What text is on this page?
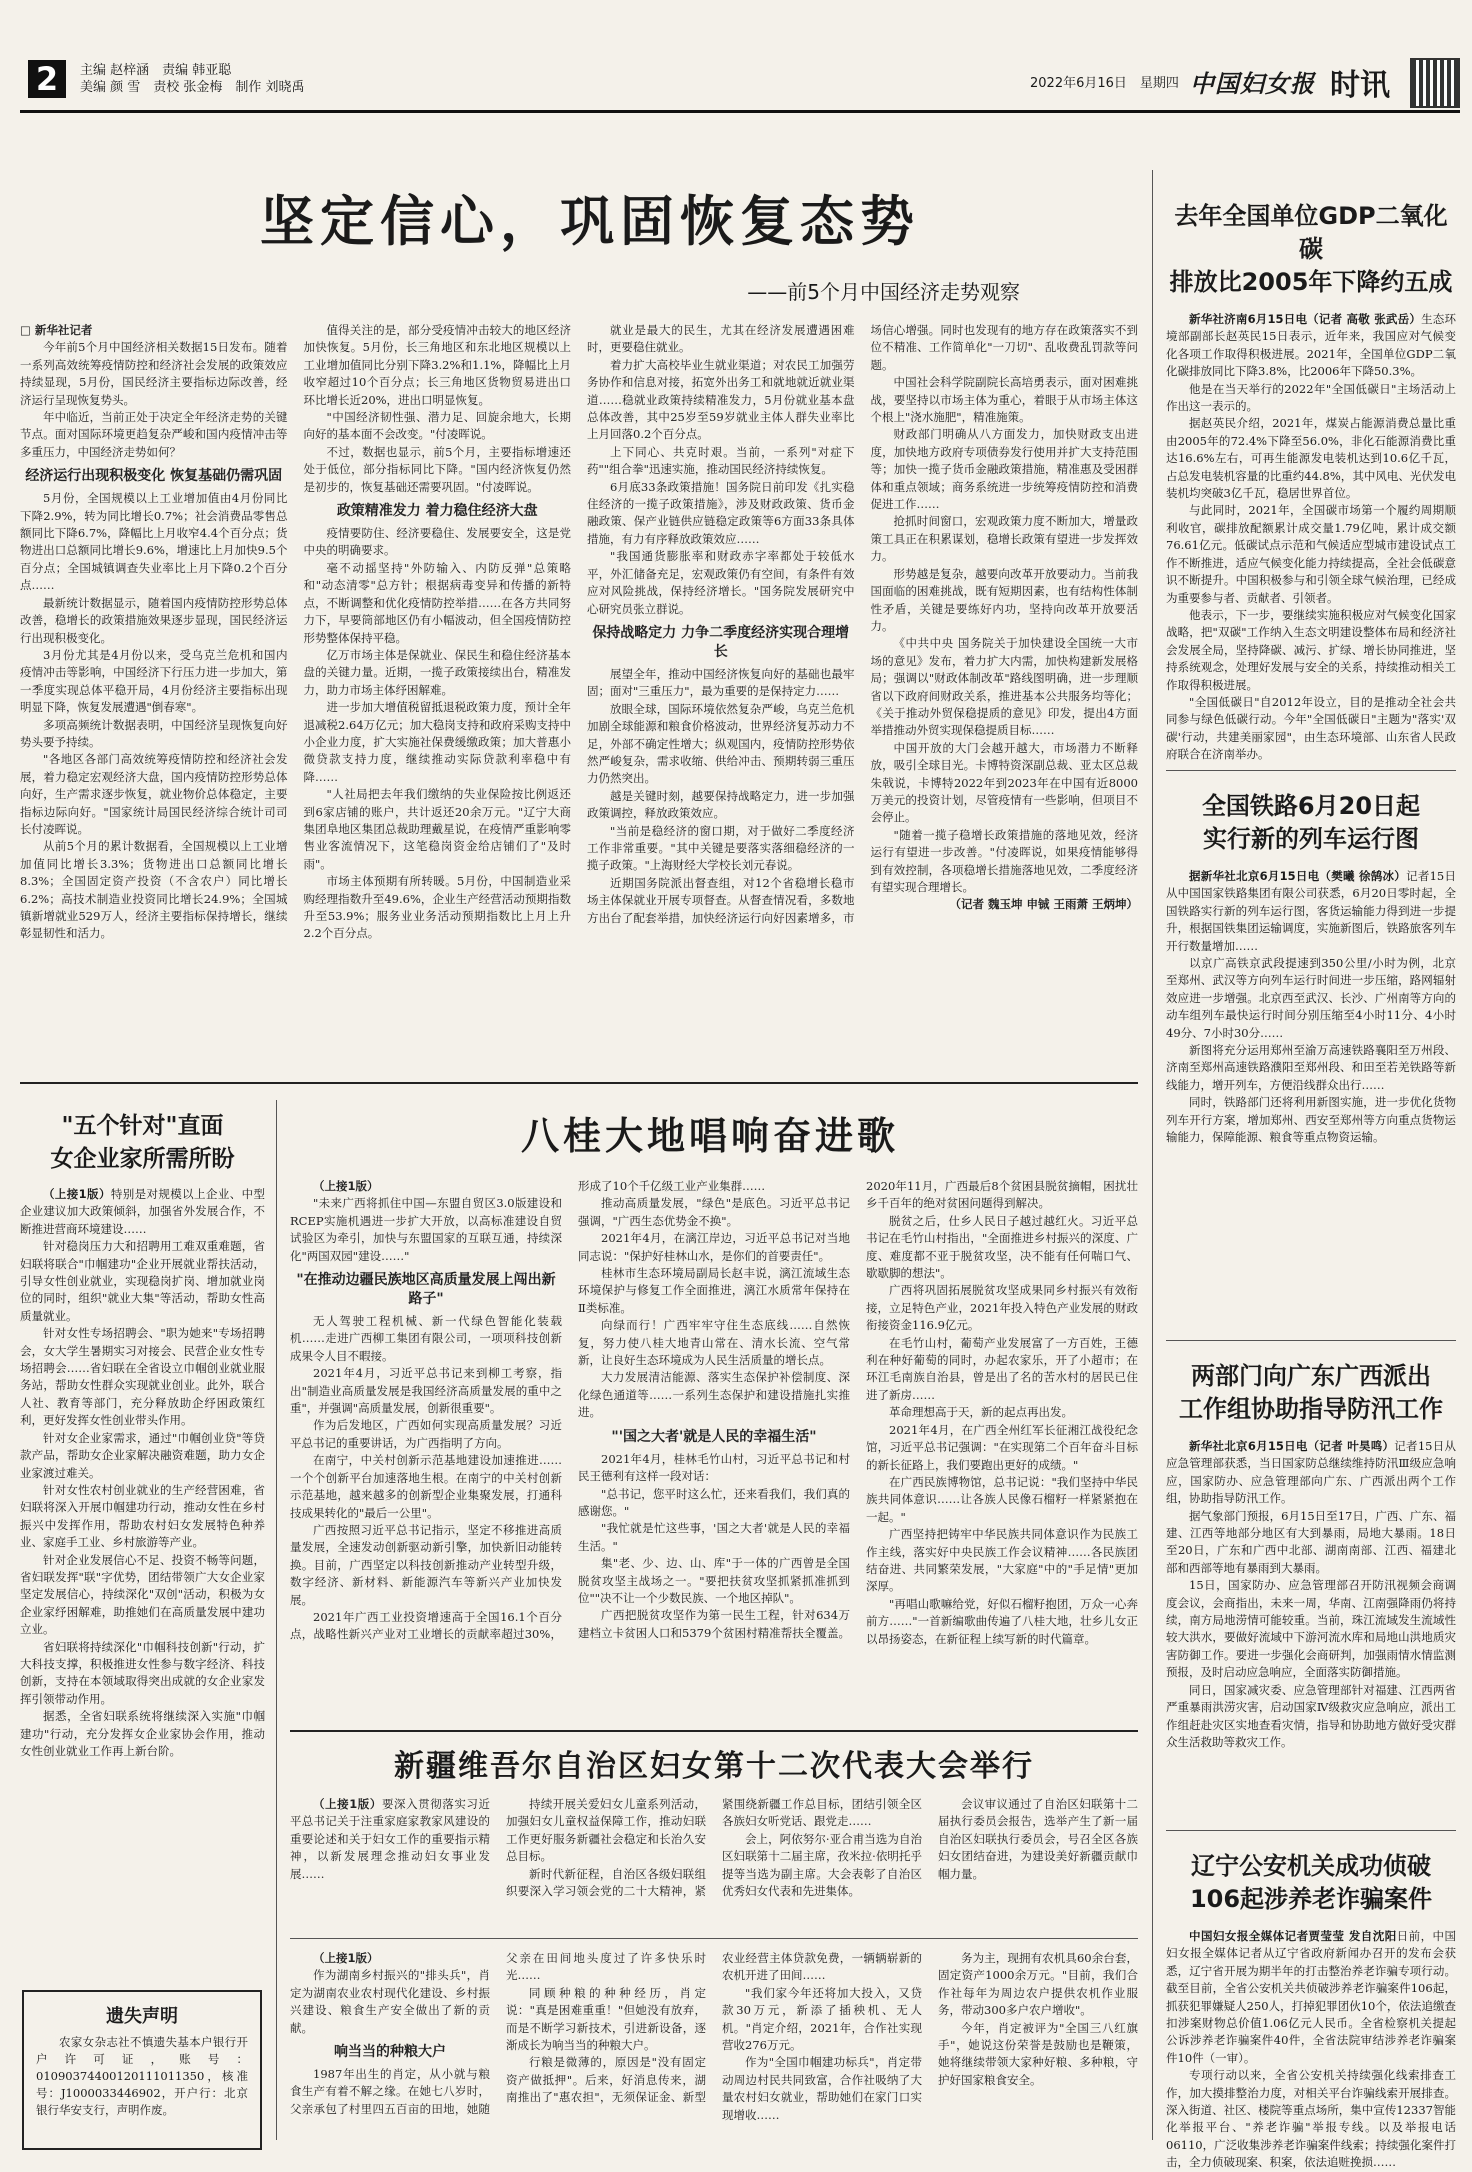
2	主编 赵梓涵　责编 韩亚聪
美编 颜 雪　责校 张金梅　制作 刘晓禹	2022年6月16日　星期四 中国妇女报 时讯
坚定信心，巩固恢复态势
——前5个月中国经济走势观察

□ 新华社记者

今年前5个月中国经济相关数据15日发布。随着一系列高效统筹疫情防控和经济社会发展的政策效应持续显现，5月份，国民经济主要指标边际改善，经济运行呈现恢复势头。

年中临近，当前正处于决定全年经济走势的关键节点。面对国际环境更趋复杂严峻和国内疫情冲击等多重压力，中国经济走势如何？

经济运行出现积极变化 恢复基础仍需巩固

5月份，全国规模以上工业增加值由4月份同比下降2.9%，转为同比增长0.7%；社会消费品零售总额同比下降6.7%，降幅比上月收窄4.4个百分点；货物进出口总额同比增长9.6%，增速比上月加快9.5个百分点；全国城镇调查失业率比上月下降0.2个百分点……

最新统计数据显示，随着国内疫情防控形势总体改善，稳增长的政策措施效果逐步显现，国民经济运行出现积极变化。

3月份尤其是4月份以来，受乌克兰危机和国内疫情冲击等影响，中国经济下行压力进一步加大，第一季度实现总体平稳开局，4月份经济主要指标出现明显下降，恢复发展遭遇"倒春寒"。

多项高频统计数据表明，中国经济呈现恢复向好势头要予持续。

"各地区各部门高效统筹疫情防控和经济社会发展，着力稳定宏观经济大盘，国内疫情防控形势总体向好，生产需求逐步恢复，就业物价总体稳定，主要指标边际向好。"国家统计局国民经济综合统计司司长付凌晖说。

从前5个月的累计数据看，全国规模以上工业增加值同比增长3.3%；货物进出口总额同比增长8.3%；全国固定资产投资（不含农户）同比增长6.2%；高技术制造业投资同比增长24.9%；全国城镇新增就业529万人，经济主要指标保持增长，继续彰显韧性和活力。

值得关注的是，部分受疫情冲击较大的地区经济加快恢复。5月份，长三角地区和东北地区规模以上工业增加值同比分别下降3.2%和1.1%，降幅比上月收窄超过10个百分点；长三角地区货物贸易进出口环比增长近20%，进出口明显恢复。

"中国经济韧性强、潜力足、回旋余地大，长期向好的基本面不会改变。"付凌晖说。

不过，数据也显示，前5个月，主要指标增速还处于低位，部分指标同比下降。"国内经济恢复仍然是初步的，恢复基础还需要巩固。"付凌晖说。

政策精准发力 着力稳住经济大盘

疫情要防住、经济要稳住、发展要安全，这是党中央的明确要求。

毫不动摇坚持"外防输入、内防反弹"总策略和"动态清零"总方针；根据病毒变异和传播的新特点，不断调整和优化疫情防控举措……在各方共同努力下，早要筒部地区仍有小幅波动，但全国疫情防控形势整体保持平稳。

亿万市场主体是保就业、保民生和稳住经济基本盘的关键力量。近期，一揽子政策接续出台，精准发力，助力市场主体纾困解难。

进一步加大增值税留抵退税政策力度，预计全年退减税2.64万亿元；加大稳岗支持和政府采购支持中小企业力度，扩大实施社保费缓缴政策；加大普惠小微贷款支持力度，继续推动实际贷款利率稳中有降……

"人社局把去年我们缴纳的失业保险按比例返还到6家店铺的账户，共计返还20余万元。"辽宁大商集团阜地区集团总裁助理戴星说，在疫情严重影响零售业客流情况下，这笔稳岗资金给店铺们了"及时雨"。

市场主体预期有所转暖。5月份，中国制造业采购经理指数升至49.6%，企业生产经营活动预期指数升至53.9%；服务业业务活动预期指数比上月上升2.2个百分点。

就业是最大的民生，尤其在经济发展遭遇困难时，更要稳住就业。

着力扩大高校毕业生就业渠道；对农民工加强劳务协作和信息对接，拓宽外出务工和就地就近就业渠道……稳就业政策持续精准发力，5月份就业基本盘总体改善，其中25岁至59岁就业主体人群失业率比上月回落0.2个百分点。

上下同心、共克时艰。当前，一系列"对症下药""组合拳"迅速实施，推动国民经济持续恢复。

6月底33条政策措施！国务院日前印发《扎实稳住经济的一揽子政策措施》，涉及财政政策、货币金融政策、保产业链供应链稳定政策等6方面33条具体措施，有力有序释放政策效应……

"我国通货膨胀率和财政赤字率都处于较低水平，外汇储备充足，宏观政策仍有空间，有条件有效应对风险挑战，保持经济增长。"国务院发展研究中心研究员张立群说。

保持战略定力 力争二季度经济实现合理增长

展望全年，推动中国经济恢复向好的基础也最牢固；面对"三重压力"，最为重要的是保持定力……

放眼全球，国际环境依然复杂严峻，乌克兰危机加剧全球能源和粮食价格波动，世界经济复苏动力不足，外部不确定性增大；纵观国内，疫情防控形势依然严峻复杂，需求收缩、供给冲击、预期转弱三重压力仍然突出。

越是关键时刻，越要保持战略定力，进一步加强政策调控，释放政策效应。

"当前是稳经济的窗口期，对于做好二季度经济工作非常重要。"其中关键是要落实落细稳经济的一揽子政策。"上海财经大学校长刘元春说。

近期国务院派出督查组，对12个省稳增长稳市场主体保就业开展专项督查。从督查情况看，多数地方出台了配套举措，加快经济运行向好因素增多，市场信心增强。同时也发现有的地方存在政策落实不到位不精准、工作简单化"一刀切"、乱收费乱罚款等问题。

中国社会科学院副院长高培勇表示，面对困难挑战，要坚持以市场主体为重心，着眼于从市场主体这个根上"浇水施肥"，精准施策。

财政部门明确从八方面发力，加快财政支出进度，加快地方政府专项债券发行使用并扩大支持范围等；加快一揽子货币金融政策措施，精准惠及受困群体和重点领域；商务系统进一步统筹疫情防控和消费促进工作……

抢抓时间窗口，宏观政策力度不断加大，增量政策工具正在积累谋划，稳增长政策有望进一步发挥效力。

形势越是复杂，越要向改革开放要动力。当前我国面临的困难挑战，既有短期因素，也有结构性体制性矛盾，关键是要练好内功，坚持向改革开放要活力。

《中共中央 国务院关于加快建设全国统一大市场的意见》发布，着力扩大内需，加快构建新发展格局；强调以"财政体制改革"路线图明确，进一步理顺省以下政府间财政关系，推进基本公共服务均等化；《关于推动外贸保稳提质的意见》印发，提出4方面举措推动外贸实现保稳提质目标……

中国开放的大门会越开越大，市场潜力不断释放，吸引全球目光。卡博特资深副总裁、亚太区总裁朱戟说，卡博特2022年到2023年在中国有近8000万美元的投资计划，尽管疫情有一些影响，但项目不会停止。

"随着一揽子稳增长政策措施的落地见效，经济运行有望进一步改善。"付凌晖说，如果疫情能够得到有效控制，各项稳增长措施落地见效，二季度经济有望实现合理增长。

（记者 魏玉坤 申铖 王雨萧 王炳坤）

去年全国单位GDP二氧化碳
排放比2005年下降约五成

新华社济南6月15日电（记者 高敬 张武岳）生态环境部副部长赵英民15日表示，近年来，我国应对气候变化各项工作取得积极进展。2021年，全国单位GDP二氧化碳排放同比下降3.8%，比2006年下降50.3%。

他是在当天举行的2022年"全国低碳日"主场活动上作出这一表示的。

据赵英民介绍，2021年，煤炭占能源消费总量比重由2005年的72.4%下降至56.0%，非化石能源消费比重达16.6%左右，可再生能源发电装机达到10.6亿千瓦，占总发电装机容量的比重约44.8%，其中风电、光伏发电装机均突破3亿千瓦，稳居世界首位。

与此同时，2021年，全国碳市场第一个履约周期顺利收官，碳排放配额累计成交量1.79亿吨，累计成交额76.61亿元。低碳试点示范和气候适应型城市建设试点工作不断推进，适应气候变化能力持续提高，全社会低碳意识不断提升。中国积极参与和引领全球气候治理，已经成为重要参与者、贡献者、引领者。

他表示，下一步，要继续实施积极应对气候变化国家战略，把"双碳"工作纳入生态文明建设整体布局和经济社会发展全局，坚持降碳、减污、扩绿、增长协同推进，坚持系统观念，处理好发展与安全的关系，持续推动相关工作取得积极进展。

"全国低碳日"自2012年设立，目的是推动全社会共同参与绿色低碳行动。今年"全国低碳日"主题为"落实'双碳'行动，共建美丽家园"，由生态环境部、山东省人民政府联合在济南举办。

全国铁路6月20日起
实行新的列车运行图

据新华社北京6月15日电（樊曦 徐鹄冰）记者15日从中国国家铁路集团有限公司获悉，6月20日零时起，全国铁路实行新的列车运行图，客货运输能力得到进一步提升，根据国铁集团运输调度，实施新图后，铁路旅客列车开行数量增加……

以京广高铁京武段提速到350公里/小时为例，北京至郑州、武汉等方向列车运行时间进一步压缩，路网辐射效应进一步增强。北京西至武汉、长沙、广州南等方向的动车组列车最快运行时间分别压缩至4小时11分、4小时49分、7小时30分……

新图将充分运用郑州至渝万高速铁路襄阳至万州段、济南至郑州高速铁路濮阳至郑州段、和田至若羌铁路等新线能力，增开列车，方便沿线群众出行……

同时，铁路部门还将利用新图实施，进一步优化货物列车开行方案，增加郑州、西安至郑州等方向重点货物运输能力，保障能源、粮食等重点物资运输。

两部门向广东广西派出
工作组协助指导防汛工作

新华社北京6月15日电（记者 叶昊鸣）记者15日从应急管理部获悉，当日国家防总继续维持防汛Ⅲ级应急响应，国家防办、应急管理部向广东、广西派出两个工作组，协助指导防汛工作。

据气象部门预报，6月15日至17日，广西、广东、福建、江西等地部分地区有大到暴雨，局地大暴雨。18日至20日，广东和广西中北部、湖南南部、江西、福建北部和西部等地有暴雨到大暴雨。

15日，国家防办、应急管理部召开防汛视频会商调度会议，会商指出，未来一周，华南、江南强降雨仍将持续，南方局地涝情可能较重。当前，珠江流域发生流域性较大洪水，要做好流域中下游河流水库和局地山洪地质灾害防御工作。要进一步强化会商研判，加强雨情水情监测预报，及时启动应急响应，全面落实防御措施。

同日，国家减灾委、应急管理部针对福建、江西两省严重暴雨洪涝灾害，启动国家Ⅳ级救灾应急响应，派出工作组赶赴灾区实地查看灾情，指导和协助地方做好受灾群众生活救助等救灾工作。

辽宁公安机关成功侦破
106起涉养老诈骗案件

中国妇女报全媒体记者贾莹莹 发自沈阳日前，中国妇女报全媒体记者从辽宁省政府新闻办召开的发布会获悉，辽宁省开展为期半年的打击整治养老诈骗专项行动。截至目前，全省公安机关共侦破涉养老诈骗案件106起，抓获犯罪嫌疑人250人，打掉犯罪团伙10个，依法追缴查扣涉案财物总价值1.06亿元人民币。全省检察机关提起公诉涉养老诈骗案件40件，全省法院审结涉养老诈骗案件10件（一审）。

专项行动以来，全省公安机关持续强化线索排查工作，加大摸排整治力度，对相关平台诈骗线索开展排查。深入街道、社区、楼院等重点场所，集中宣传12337智能化举报平台、"养老诈骗"举报专线。以及举报电话06110，广泛收集涉养老诈骗案件线索；持续强化案件打击，全力侦破现案、积案，依法追赃挽损……

"五个针对"直面
女企业家所需所盼

（上接1版）特别是对规模以上企业、中型企业建议加大政策倾斜，加强省外发展合作，不断推进营商环境建设……

针对稳岗压力大和招聘用工难双重难题，省妇联将联合"巾帼建功"企业开展就业帮扶活动，引导女性创业就业，实现稳岗扩岗、增加就业岗位的同时，组织"就业大集"等活动，帮助女性高质量就业。

针对女性专场招聘会、"职为她来"专场招聘会，女大学生暑期实习对接会、民营企业女性专场招聘会……省妇联在全省设立巾帼创业就业服务站，帮助女性群众实现就业创业。此外，联合人社、教育等部门，充分释放助企纾困政策红利，更好发挥女性创业带头作用。

针对女企业家需求，通过"巾帼创业贷"等贷款产品，帮助女企业家解决融资难题，助力女企业家渡过难关。

针对女性农村创业就业的生产经营困难，省妇联将深入开展巾帼建功行动，推动女性在乡村振兴中发挥作用，帮助农村妇女发展特色种养业、家庭手工业、乡村旅游等产业。

针对企业发展信心不足、投资不畅等问题，省妇联发挥"联"字优势，团结带领广大女企业家坚定发展信心，持续深化"双创"活动，积极为女企业家纾困解难，助推她们在高质量发展中建功立业。

省妇联将持续深化"巾帼科技创新"行动，扩大科技支撑，积极推进女性参与数字经济、科技创新，支持在本领域取得突出成就的女企业家发挥引领带动作用。

据悉，全省妇联系统将继续深入实施"巾帼建功"行动，充分发挥女企业家协会作用，推动女性创业就业工作再上新台阶。

遗失声明
农家女杂志社不慎遗失基本户银行开户许可证，账号：01090374400120111011350，核准号：J1000033446902，开户行：北京银行华安支行，声明作废。
八桂大地唱响奋进歌

（上接1版）

"未来广西将抓住中国—东盟自贸区3.0版建设和RCEP实施机遇进一步扩大开放，以高标准建设自贸试验区为牵引，加快与东盟国家的互联互通，持续深化"两国双园"建设……"

"在推动边疆民族地区高质量发展上闯出新路子"

无人驾驶工程机械、新一代绿色智能化装载机……走进广西柳工集团有限公司，一项项科技创新成果令人目不暇接。

2021年4月，习近平总书记来到柳工考察，指出"制造业高质量发展是我国经济高质量发展的重中之重"，并强调"高质量发展，创新很重要"。

作为后发地区，广西如何实现高质量发展？习近平总书记的重要讲话，为广西指明了方向。

在南宁，中关村创新示范基地建设加速推进……一个个创新平台加速落地生根。在南宁的中关村创新示范基地，越来越多的创新型企业集聚发展，打通科技成果转化的"最后一公里"。

广西按照习近平总书记指示，坚定不移推进高质量发展，全速发动创新驱动新引擎，加快新旧动能转换。目前，广西坚定以科技创新推动产业转型升级，数字经济、新材料、新能源汽车等新兴产业加快发展。

2021年广西工业投资增速高于全国16.1个百分点，战略性新兴产业对工业增长的贡献率超过30%，形成了10个千亿级工业产业集群……

推动高质量发展，"绿色"是底色。习近平总书记强调，"广西生态优势金不换"。

2021年4月，在漓江岸边，习近平总书记对当地同志说："保护好桂林山水，是你们的首要责任"。

桂林市生态环境局副局长赵丰说，漓江流域生态环境保护与修复工作全面推进，漓江水质常年保持在Ⅱ类标准。

向绿而行！广西牢牢守住生态底线……自然恢复，努力使八桂大地青山常在、清水长流、空气常新，让良好生态环境成为人民生活质量的增长点。

大力发展清洁能源、落实生态保护补偿制度、深化绿色通道等……一系列生态保护和建设措施扎实推进。

"'国之大者'就是人民的幸福生活"

2021年4月，桂林毛竹山村，习近平总书记和村民王德利有这样一段对话：

"总书记，您平时这么忙，还来看我们，我们真的感谢您。"

"我忙就是忙这些事，'国之大者'就是人民的幸福生活。"

集"老、少、边、山、库"于一体的广西曾是全国脱贫攻坚主战场之一。"要把扶贫攻坚抓紧抓准抓到位""决不让一个少数民族、一个地区掉队"。

广西把脱贫攻坚作为第一民生工程，针对634万建档立卡贫困人口和5379个贫困村精准帮扶全覆盖。2020年11月，广西最后8个贫困县脱贫摘帽，困扰壮乡千百年的绝对贫困问题得到解决。

脱贫之后，仕乡人民日子越过越红火。习近平总书记在毛竹山村指出，"全面推进乡村振兴的深度、广度、难度都不亚于脱贫攻坚，决不能有任何喘口气、歇歇脚的想法"。

广西将巩固拓展脱贫攻坚成果同乡村振兴有效衔接，立足特色产业，2021年投入特色产业发展的财政衔接资金116.9亿元。

在毛竹山村，葡萄产业发展富了一方百姓，王德利在种好葡萄的同时，办起农家乐，开了小超市；在环江毛南族自治县，曾是出了名的苦水村的居民已住进了新房……

革命理想高于天，新的起点再出发。

2021年4月，在广西全州红军长征湘江战役纪念馆，习近平总书记强调："在实现第二个百年奋斗目标的新长征路上，我们要跑出更好的成绩。"

在广西民族博物馆，总书记说："我们坚持中华民族共同体意识……让各族人民像石榴籽一样紧紧抱在一起。"

广西坚持把铸牢中华民族共同体意识作为民族工作主线，落实好中央民族工作会议精神……各民族团结奋进、共同繁荣发展，"大家庭"中的"手足情"更加深厚。

"再唱山歌嘛给党，好似石榴籽抱团，万众一心奔前方……"一首新编歌曲传遍了八桂大地，壮乡儿女正以昂扬姿态，在新征程上续写新的时代篇章。

新疆维吾尔自治区妇女第十二次代表大会举行

（上接1版）要深入贯彻落实习近平总书记关于注重家庭家教家风建设的重要论述和关于妇女工作的重要指示精神，以新发展理念推动妇女事业发展……

持续开展关爱妇女儿童系列活动，加强妇女儿童权益保障工作，推动妇联工作更好服务新疆社会稳定和长治久安总目标。

新时代新征程，自治区各级妇联组织要深入学习领会党的二十大精神，紧紧围绕新疆工作总目标，团结引领全区各族妇女听党话、跟党走……

会上，阿依努尔·亚合甫当选为自治区妇联第十二届主席，孜米拉·依明托乎提等当选为副主席。大会表彰了自治区优秀妇女代表和先进集体。

会议审议通过了自治区妇联第十二届执行委员会报告，选举产生了新一届自治区妇联执行委员会，号召全区各族妇女团结奋进，为建设美好新疆贡献巾帼力量。

（上接1版）

作为湖南乡村振兴的"排头兵"，肖定为湖南农业农村现代化建设、乡村振兴建设、粮食生产安全做出了新的贡献。

响当当的种粮大户

1987年出生的肖定，从小就与粮食生产有着不解之缘。在她七八岁时，父亲承包了村里四五百亩的田地，她随父亲在田间地头度过了许多快乐时光……

同顾种粮的种种经历，肖定说："真是困难重重！"但她没有放弃，而是不断学习新技术，引进新设备，逐渐成长为响当当的种粮大户。

行粮是微薄的，原因是"没有固定资产做抵押"。后来，好消息传来，湖南推出了"惠农担"，无须保证金、新型农业经营主体贷款免费，一辆辆崭新的农机开进了田间……

"我们家今年还将加大投入，又贷款30万元，新添了插秧机、无人机。"肖定介绍，2021年，合作社实现营收276万元。

作为"全国巾帼建功标兵"，肖定带动周边村民共同致富，合作社吸纳了大量农村妇女就业，帮助她们在家门口实现增收……

务为主，现拥有农机具60余台套，固定资产1000余万元。"目前，我们合作社每年为周边农户提供农机作业服务，带动300多户农户增收"。

今年，肖定被评为"全国三八红旗手"，她说这份荣誉是鼓励也是鞭策，她将继续带领大家种好粮、多种粮，守护好国家粮食安全。
